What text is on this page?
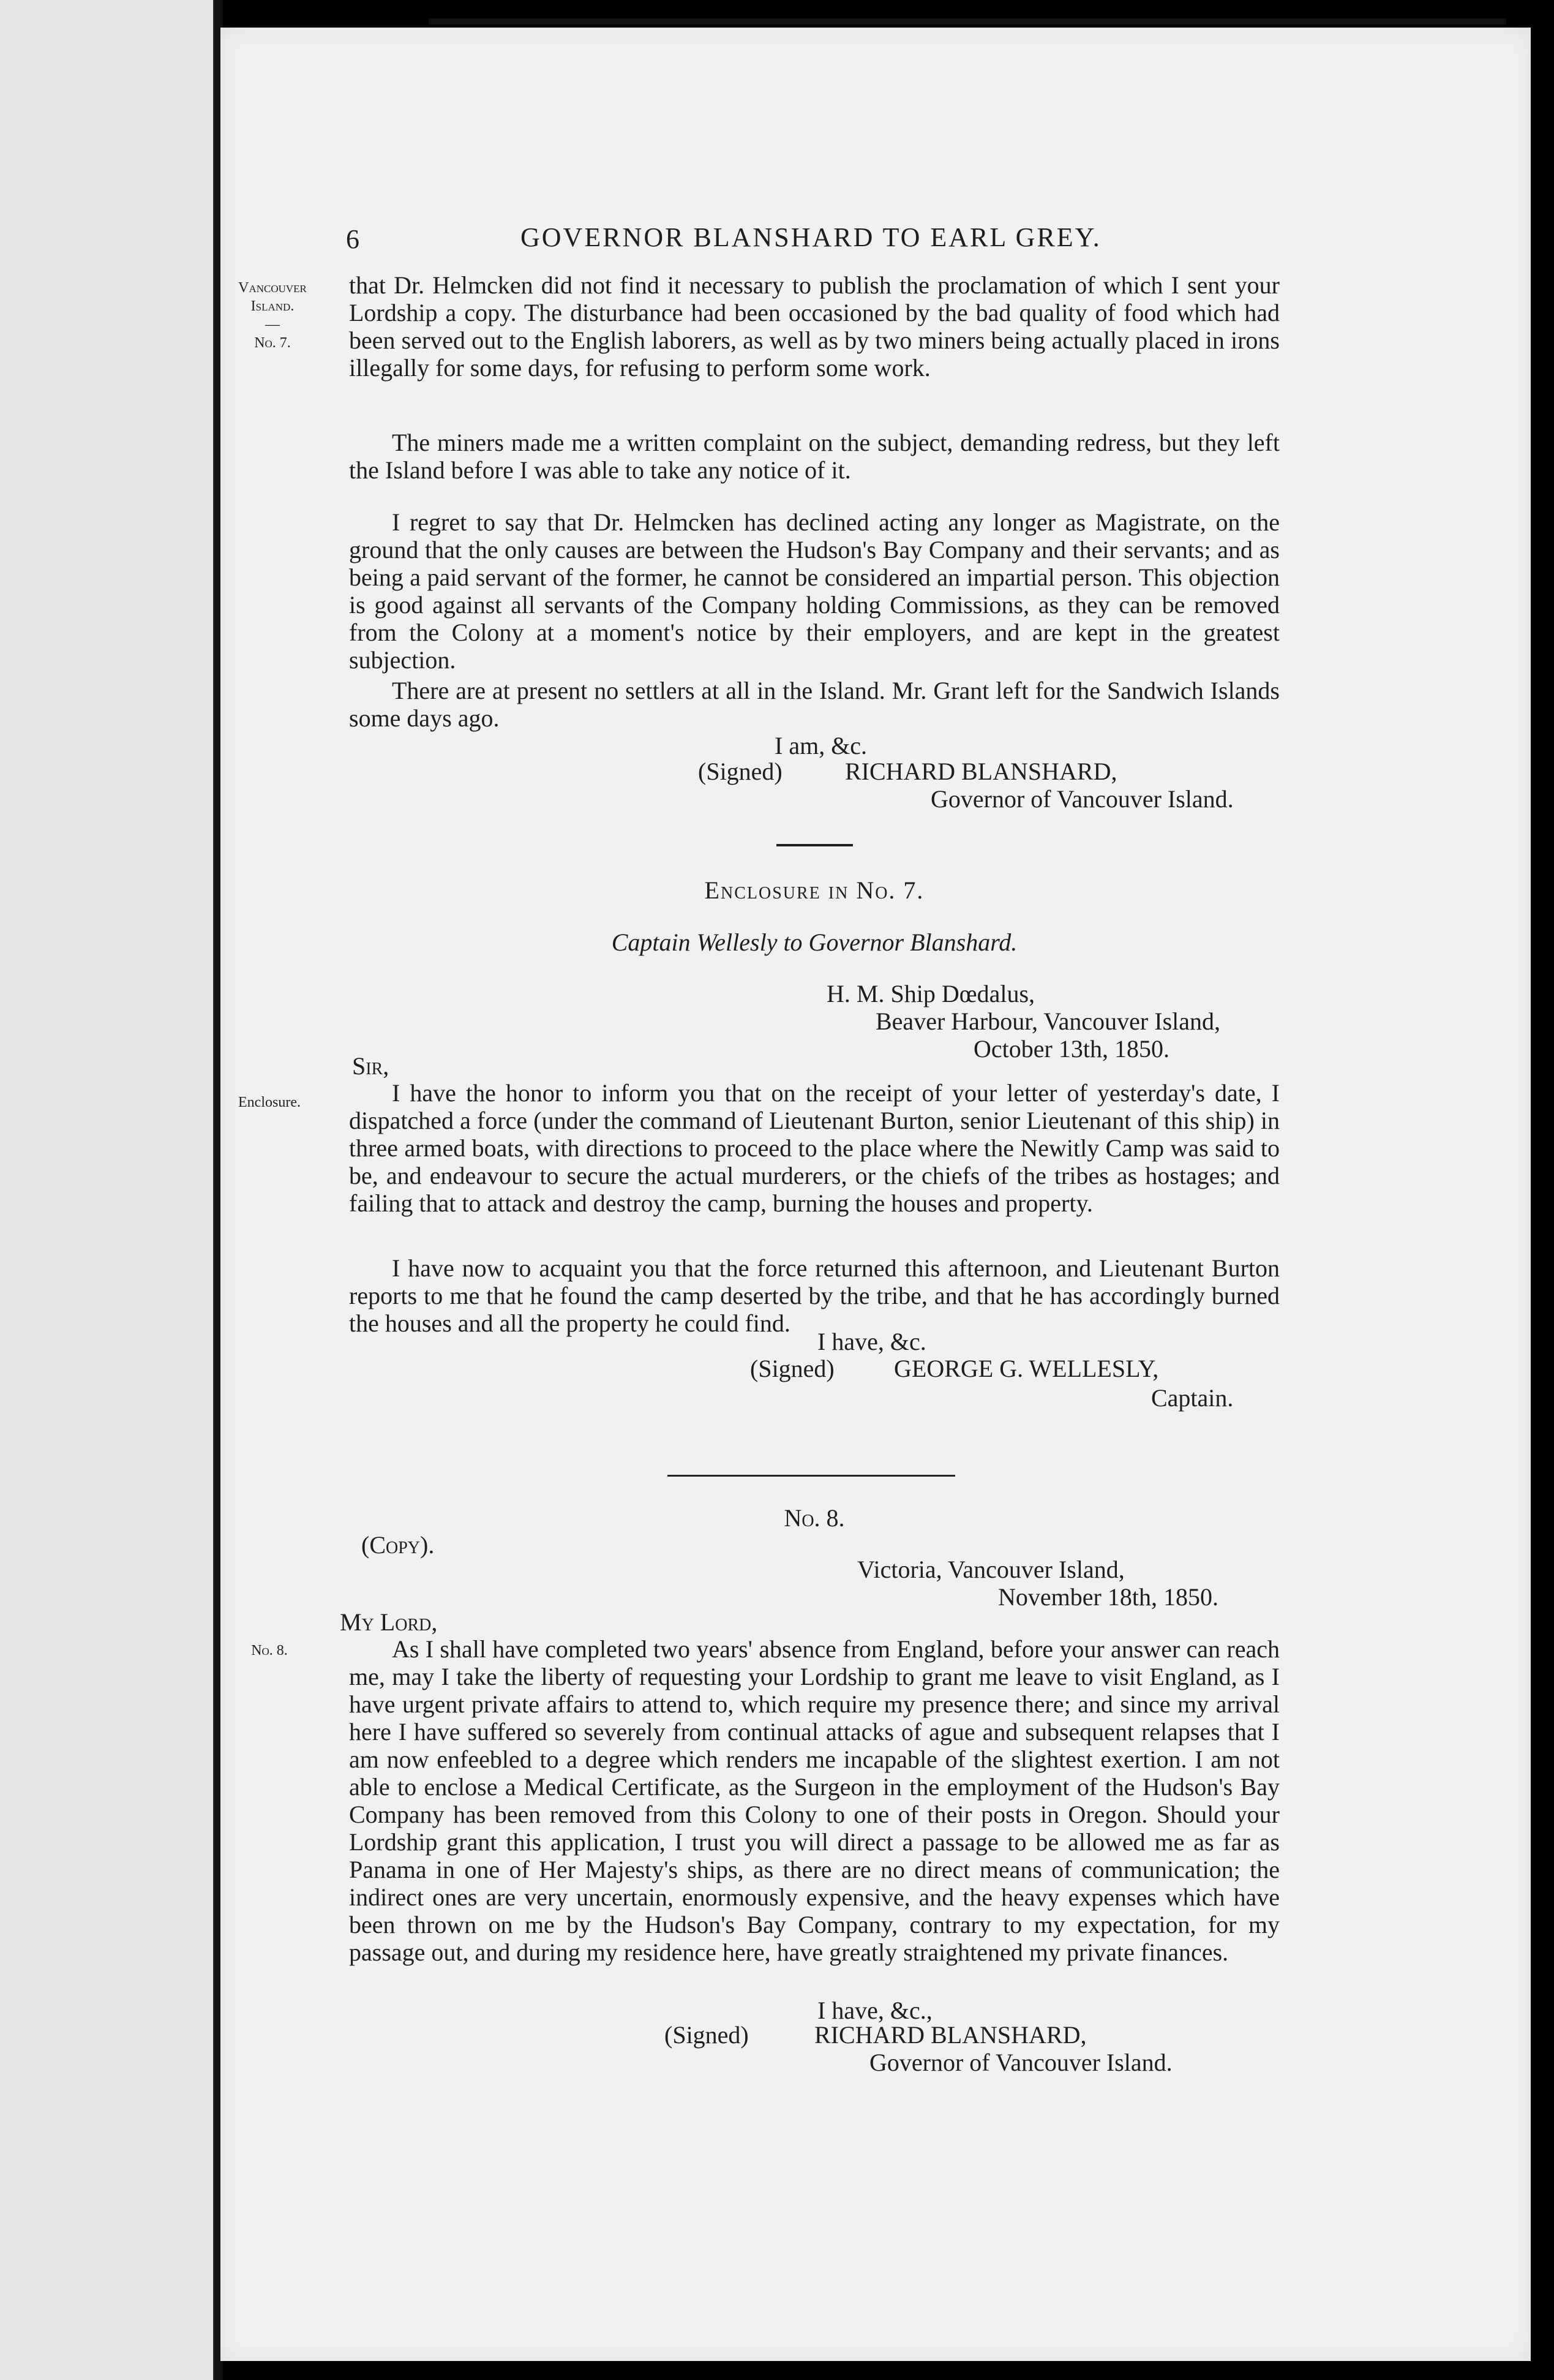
6	GOVERNOR BLANSHARD TO EARL GREY.
Vancouver
Island.
—
No. 7.
Enclosure.
No. 8.
that Dr. Helmcken did not find it necessary to publish the proclamation of which I sent your Lordship a copy. The disturbance had been occasioned by the bad quality of food which had been served out to the English laborers, as well as by two miners being actually placed in irons illegally for some days, for refusing to perform some work.
The miners made me a written complaint on the subject, demanding redress, but they left the Island before I was able to take any notice of it.
I regret to say that Dr. Helmcken has declined acting any longer as Magistrate, on the ground that the only causes are between the Hudson's Bay Company and their servants; and as being a paid servant of the former, he cannot be considered an impartial person. This objection is good against all servants of the Company holding Commissions, as they can be removed from the Colony at a moment's notice by their employers, and are kept in the greatest subjection.
There are at present no settlers at all in the Island. Mr. Grant left for the Sandwich Islands some days ago.
I am, &c.
(Signed)	RICHARD BLANSHARD,
Governor of Vancouver Island.
Enclosure in No. 7.
Captain Wellesly to Governor Blanshard.
H. M. Ship Dœdalus,
Beaver Harbour, Vancouver Island,
October 13th, 1850.
Sir,
I have the honor to inform you that on the receipt of your letter of yesterday's date, I dispatched a force (under the command of Lieutenant Burton, senior Lieutenant of this ship) in three armed boats, with directions to proceed to the place where the Newitly Camp was said to be, and endeavour to secure the actual murderers, or the chiefs of the tribes as hostages; and failing that to attack and destroy the camp, burning the houses and property.
I have now to acquaint you that the force returned this afternoon, and Lieutenant Burton reports to me that he found the camp deserted by the tribe, and that he has accordingly burned the houses and all the property he could find.
I have, &c.
(Signed) GEORGE G. WELLESLY,
Captain.
No. 8.
(Copy).
Victoria, Vancouver Island,
November 18th, 1850.
My Lord,
As I shall have completed two years' absence from England, before your answer can reach me, may I take the liberty of requesting your Lordship to grant me leave to visit England, as I have urgent private affairs to attend to, which require my presence there; and since my arrival here I have suffered so severely from continual attacks of ague and subsequent relapses that I am now enfeebled to a degree which renders me incapable of the slightest exertion. I am not able to enclose a Medical Certificate, as the Surgeon in the employment of the Hudson's Bay Company has been removed from this Colony to one of their posts in Oregon. Should your Lordship grant this application, I trust you will direct a passage to be allowed me as far as Panama in one of Her Majesty's ships, as there are no direct means of communication; the indirect ones are very uncertain, enormously expensive, and the heavy expenses which have been thrown on me by the Hudson's Bay Company, contrary to my expectation, for my passage out, and during my residence here, have greatly straightened my private finances.
I have, &c.,
(Signed)	RICHARD BLANSHARD,
Governor of Vancouver Island.
